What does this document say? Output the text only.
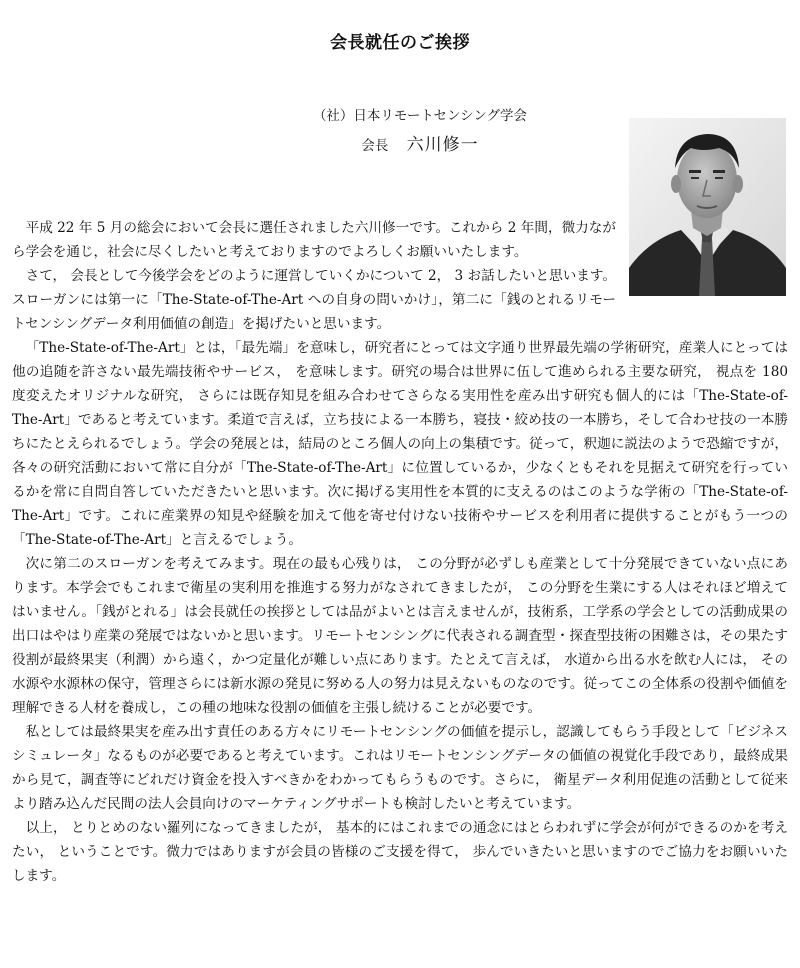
会長就任のご挨拶
（社）日本リモートセンシング学会
会長 六川修一

平成 22 年 5 月の総会において会長に選任されました六川修一です。これから 2 年間，微力ながら学会を通じ，社会に尽くしたいと考えておりますのでよろしくお願いいたします。

さて， 会長として今後学会をどのように運営していくかについて 2， 3 お話したいと思います。スローガンには第一に「The-State-of-The-Art への自身の問いかけ」，第二に「銭のとれるリモートセンシングデータ利用価値の創造」を掲げたいと思います。

「The-State-of-The-Art」とは，「最先端」を意味し，研究者にとっては文字通り世界最先端の学術研究，産業人にとっては他の追随を許さない最先端技術やサービス， を意味します。研究の場合は世界に伍して進められる主要な研究， 視点を 180 度変えたオリジナルな研究， さらには既存知見を組み合わせてさらなる実用性を産み出す研究も個人的には「The-State-of-The-Art」であると考えています。柔道で言えば，立ち技による一本勝ち，寝技・絞め技の一本勝ち，そして合わせ技の一本勝ちにたとえられるでしょう。学会の発展とは，結局のところ個人の向上の集積です。従って，釈迦に説法のようで恐縮ですが，各々の研究活動において常に自分が「The-State-of-The-Art」に位置しているか，少なくともそれを見据えて研究を行っているかを常に自問自答していただきたいと思います。次に掲げる実用性を本質的に支えるのはこのような学術の「The-State-of-The-Art」です。これに産業界の知見や経験を加えて他を寄せ付けない技術やサービスを利用者に提供することがもう一つの「The-State-of-The-Art」と言えるでしょう。

次に第二のスローガンを考えてみます。現在の最も心残りは， この分野が必ずしも産業として十分発展できていない点にあります。本学会でもこれまで衛星の実利用を推進する努力がなされてきましたが， この分野を生業にする人はそれほど増えてはいません。「銭がとれる」は会長就任の挨拶としては品がよいとは言えませんが，技術系，工学系の学会としての活動成果の出口はやはり産業の発展ではないかと思います。リモートセンシングに代表される調査型・探査型技術の困難さは，その果たす役割が最終果実（利潤）から遠く，かつ定量化が難しい点にあります。たとえて言えば， 水道から出る水を飲む人には， その水源や水源林の保守，管理さらには新水源の発見に努める人の努力は見えないものなのです。従ってこの全体系の役割や価値を理解できる人材を養成し，この種の地味な役割の価値を主張し続けることが必要です。

私としては最終果実を産み出す責任のある方々にリモートセンシングの価値を提示し，認識してもらう手段として「ビジネスシミュレータ」なるものが必要であると考えています。これはリモートセンシングデータの価値の視覚化手段であり，最終成果から見て，調査等にどれだけ資金を投入すべきかをわかってもらうものです。さらに， 衛星データ利用促進の活動として従来より踏み込んだ民間の法人会員向けのマーケティングサポートも検討したいと考えています。

以上， とりとめのない羅列になってきましたが， 基本的にはこれまでの通念にはとらわれずに学会が何ができるのかを考えたい， ということです。微力ではありますが会員の皆様のご支援を得て， 歩んでいきたいと思いますのでご協力をお願いいたします。
